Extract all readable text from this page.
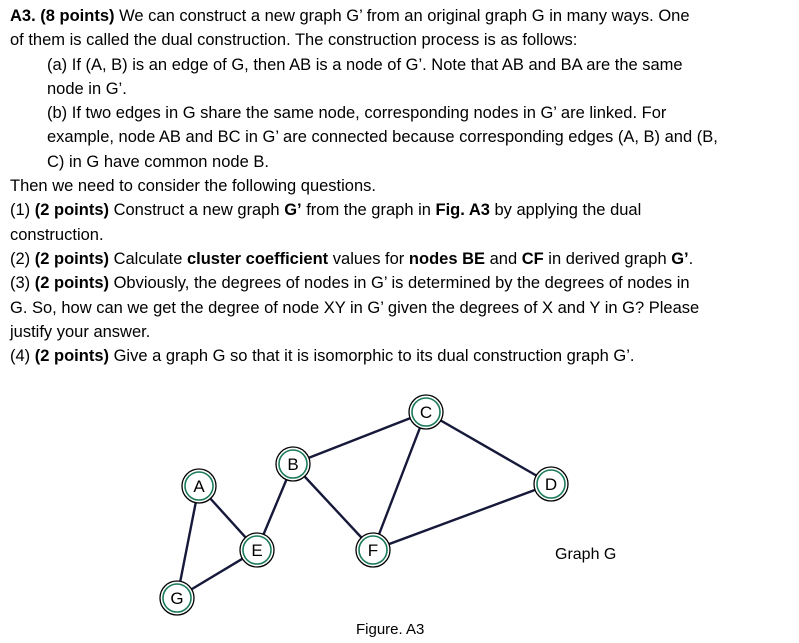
A3. (8 points) We can construct a new graph G’ from an original graph G in many ways. One
of them is called the dual construction. The construction process is as follows:
(a) If (A, B) is an edge of G, then AB is a node of G’. Note that AB and BA are the same
node in G’.
(b) If two edges in G share the same node, corresponding nodes in G’ are linked. For
example, node AB and BC in G’ are connected because corresponding edges (A, B) and (B,
C) in G have common node B.
Then we need to consider the following questions.
(1) (2 points) Construct a new graph G’ from the graph in Fig. A3 by applying the dual
construction.
(2) (2 points) Calculate cluster coefficient values for nodes BE and CF in derived graph G’.
(3) (2 points) Obviously, the degrees of nodes in G’ is determined by the degrees of nodes in
G. So, how can we get the degree of node XY in G’ given the degrees of X and Y in G? Please
justify your answer.
(4) (2 points) Give a graph G so that it is isomorphic to its dual construction graph G’.
A
B
C
D
E	F
G
Graph G
Figure. A3
